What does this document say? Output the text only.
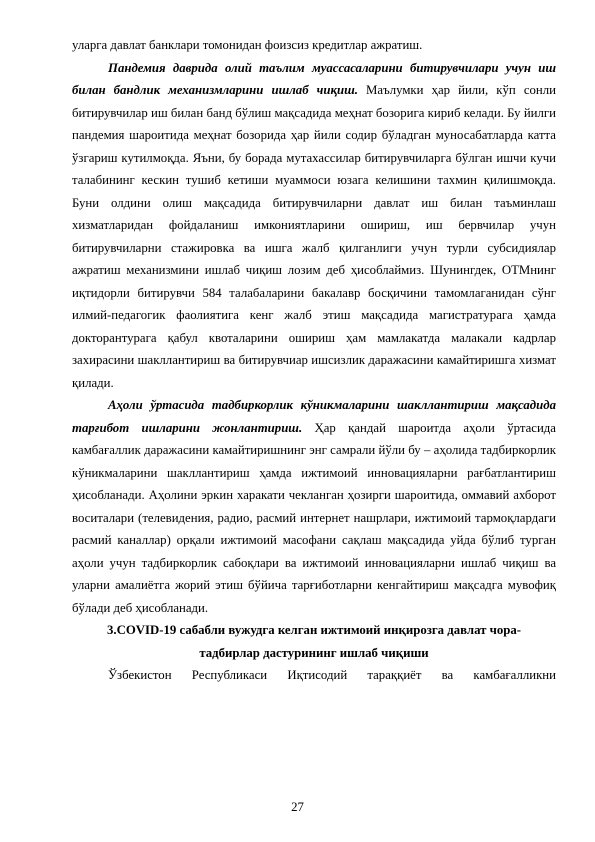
уларга давлат банклари томонидан фоизсиз кредитлар ажратиш.

Пандемия даврида олий таълим муассасаларини битирувчилари учун иш билан бандлик механизмларини ишлаб чиқиш. Маълумки ҳар йили, кўп сонли битирувчилар иш билан банд бўлиш мақсадида меҳнат бозорига кириб келади. Бу йилги пандемия шароитида меҳнат бозорида ҳар йили содир бўладган муносабатларда катта ўзгариш кутилмоқда. Яъни, бу борада мутахассилар битирувчиларга бўлган ишчи кучи талабининг кескин тушиб кетиши муаммоси юзага келишини тахмин қилишмоқда. Буни олдини олиш мақсадида битирувчиларни давлат иш билан таъминлаш хизматларидан фойдаланиш имкониятларини ошириш, иш бервчилар учун битирувчиларни стажировка ва ишга жалб қилганлиги учун турли субсидиялар ажратиш механизмини ишлаб чиқиш лозим деб ҳисоблаймиз. Шунингдек, ОТМнинг иқтидорли битирувчи 584 талабаларини бакалавр босқичини тамомлаганидан сўнг илмий-педагогик фаолиятига кенг жалб этиш мақсадида магистратурага ҳамда докторантурага қабул квоталарини ошириш ҳам мамлакатда малакали кадрлар захирасини шакллантириш ва битирувчиар ишсизлик даражасини камайтиришга хизмат қилади.

Аҳоли ўртасида тадбиркорлик кўникмаларини шакллантириш мақсадида тарғибот ишларини жонлантириш. Ҳар қандай шароитда аҳоли ўртасида камбағаллик даражасини камайтиришнинг энг самрали йўли бу – аҳолида тадбиркорлик кўникмаларини шакллантириш ҳамда ижтимоий инновацияларни рағбатлантириш ҳисобланади. Аҳолини эркин харакати чекланган ҳозирги шароитида, оммавий ахборот воситалари (телевидения, радио, расмий интернет нашрлари, ижтимоий тармоқлардаги расмий каналлар) орқали ижтимоий масофани сақлаш мақсадида уйда бўлиб турган аҳоли учун тадбиркорлик сабоқлари ва ижтимоий инновацияларни ишлаб чиқиш ва уларни амалиётга жорий этиш бўйича тарғиботларни кенгайтириш мақсадга мувофиқ бўлади деб ҳисобланади.

3.COVID-19 сабабли вужудга келган ижтимоий инқирозга давлат чора-
тадбирлар дастурининг ишлаб чиқиши

Ўзбекистон Республикаси Иқтисодий тараққиёт ва камбағалликни

27
